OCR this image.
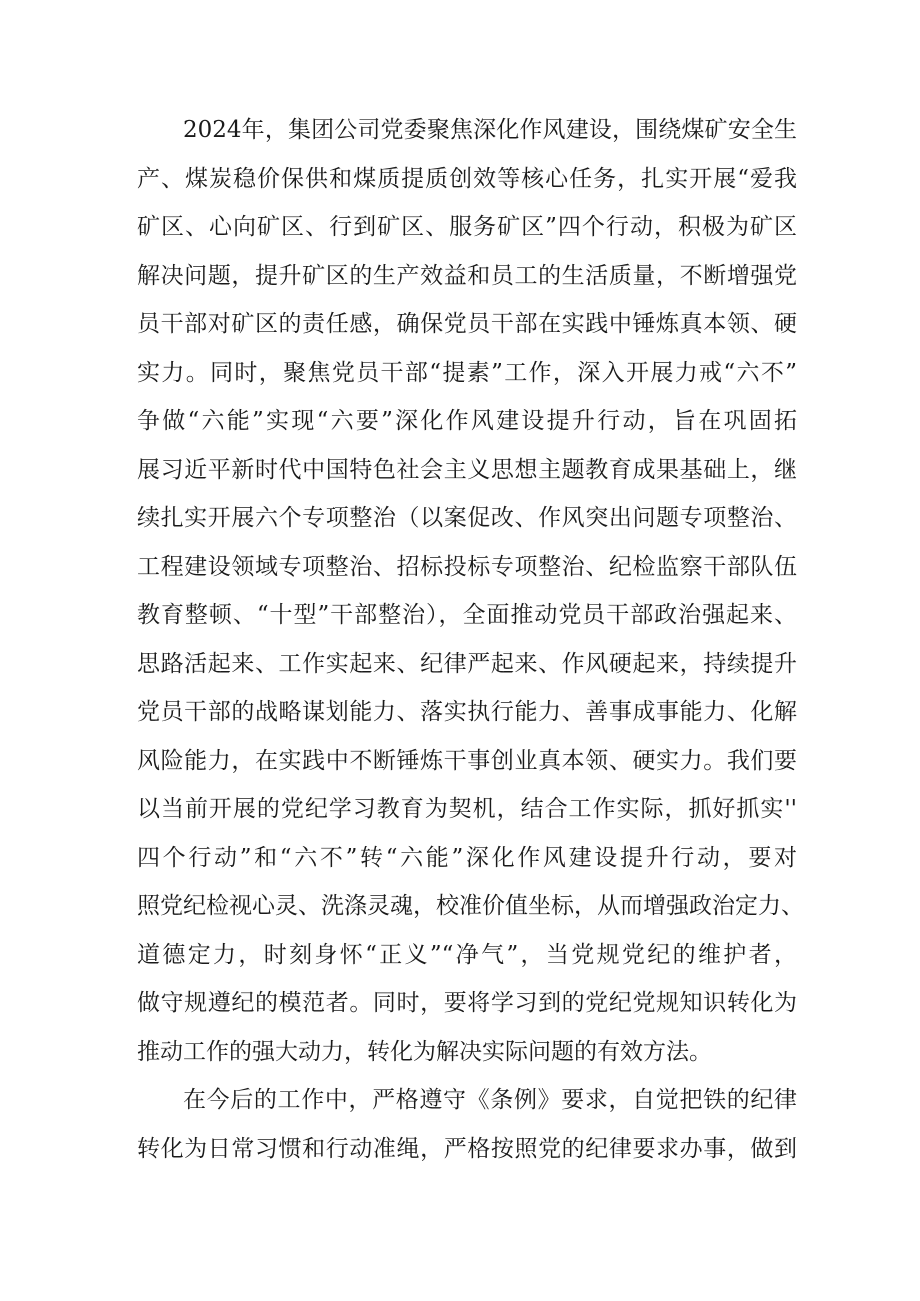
2024年，集团公司党委聚焦深化作风建设，围绕煤矿安全生
产、煤炭稳价保供和煤质提质创效等核心任务，扎实开展“爱我
矿区、心向矿区、行到矿区、服务矿区”四个行动，积极为矿区
解决问题，提升矿区的生产效益和员工的生活质量，不断增强党
员干部对矿区的责任感，确保党员干部在实践中锤炼真本领、硬
实力。同时，聚焦党员干部“提素”工作，深入开展力戒“六不”
争做“六能”实现“六要”深化作风建设提升行动，旨在巩固拓
展习近平新时代中国特色社会主义思想主题教育成果基础上，继
续扎实开展六个专项整治（以案促改、作风突出问题专项整治、
工程建设领域专项整治、招标投标专项整治、纪检监察干部队伍
教育整顿、“十型”干部整治），全面推动党员干部政治强起来、
思路活起来、工作实起来、纪律严起来、作风硬起来，持续提升
党员干部的战略谋划能力、落实执行能力、善事成事能力、化解
风险能力，在实践中不断锤炼干事创业真本领、硬实力。我们要
以当前开展的党纪学习教育为契机，结合工作实际，抓好抓实''
四个行动”和“六不”转“六能”深化作风建设提升行动，要对
照党纪检视心灵、洗涤灵魂，校准价值坐标，从而增强政治定力、
道德定力，时刻身怀“正义”“净气”，当党规党纪的维护者，
做守规遵纪的模范者。同时，要将学习到的党纪党规知识转化为
推动工作的强大动力，转化为解决实际问题的有效方法。
在今后的工作中，严格遵守《条例》要求，自觉把铁的纪律
转化为日常习惯和行动准绳，严格按照党的纪律要求办事，做到
